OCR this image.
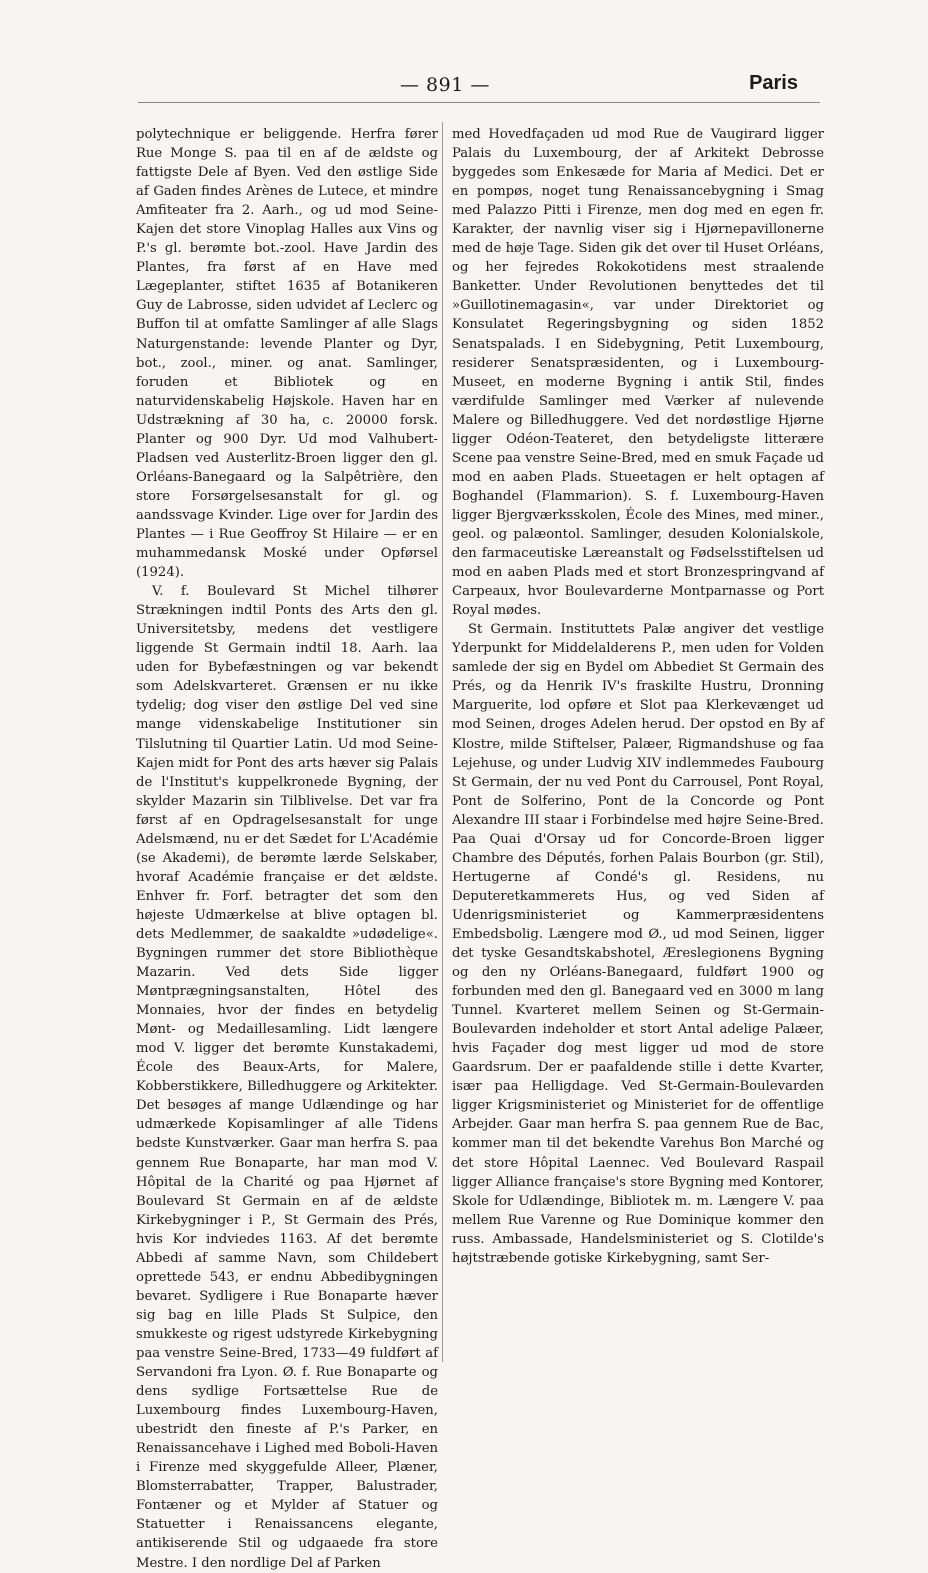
— 891 —	Paris

polytechnique er beliggende. Herfra fører Rue Monge S. paa til en af de ældste og fattigste Dele af Byen. Ved den østlige Side af Gaden findes Arènes de Lutece, et mindre Amfiteater fra 2. Aarh., og ud mod Seine-Kajen det store Vinoplag Halles aux Vins og P.'s gl. berømte bot.-zool. Have Jardin des Plantes, fra først af en Have med Lægeplanter, stiftet 1635 af Botanikeren Guy de Labrosse, siden udvidet af Leclerc og Buffon til at omfatte Samlinger af alle Slags Naturgenstande: levende Planter og Dyr, bot., zool., miner. og anat. Samlinger, foruden et Bibliotek og en naturvidenskabelig Højskole. Haven har en Udstrækning af 30 ha, c. 20000 forsk. Planter og 900 Dyr. Ud mod Valhubert-Pladsen ved Austerlitz-Broen ligger den gl. Orléans-Banegaard og la Salpêtrière, den store Forsørgelsesanstalt for gl. og aandssvage Kvinder. Lige over for Jardin des Plantes — i Rue Geoffroy St Hilaire — er en muhammedansk Moské under Opførsel (1924).

V. f. Boulevard St Michel tilhører Strækningen indtil Ponts des Arts den gl. Universitetsby, medens det vestligere liggende St Germain indtil 18. Aarh. laa uden for Bybefæstningen og var bekendt som Adelskvarteret. Grænsen er nu ikke tydelig; dog viser den østlige Del ved sine mange videnskabelige Institutioner sin Tilslutning til Quartier Latin. Ud mod Seine-Kajen midt for Pont des arts hæver sig Palais de l'Institut's kuppelkronede Bygning, der skylder Mazarin sin Tilblivelse. Det var fra først af en Opdragelsesanstalt for unge Adelsmænd, nu er det Sædet for L'Académie (se Akademi), de berømte lærde Selskaber, hvoraf Académie française er det ældste. Enhver fr. Forf. betragter det som den højeste Udmærkelse at blive optagen bl. dets Medlemmer, de saakaldte »udødelige«. Bygningen rummer det store Bibliothèque Mazarin. Ved dets Side ligger Møntprægningsanstalten, Hôtel des Monnaies, hvor der findes en betydelig Mønt- og Medaillesamling. Lidt længere mod V. ligger det berømte Kunstakademi, École des Beaux-Arts, for Malere, Kobberstikkere, Billedhuggere og Arkitekter. Det besøges af mange Udlændinge og har udmærkede Kopisamlinger af alle Tidens bedste Kunstværker. Gaar man herfra S. paa gennem Rue Bonaparte, har man mod V. Hôpital de la Charité og paa Hjørnet af Boulevard St Germain en af de ældste Kirkebygninger i P., St Germain des Prés, hvis Kor indviedes 1163. Af det berømte Abbedi af samme Navn, som Childebert oprettede 543, er endnu Abbedibygningen bevaret. Sydligere i Rue Bonaparte hæver sig bag en lille Plads St Sulpice, den smukkeste og rigest udstyrede Kirkebygning paa venstre Seine-Bred, 1733—49 fuldført af Servandoni fra Lyon. Ø. f. Rue Bonaparte og dens sydlige Fortsættelse Rue de Luxembourg findes Luxembourg-Haven, ubestridt den fineste af P.'s Parker, en Renaissancehave i Lighed med Boboli-Haven i Firenze med skyggefulde Alleer, Plæner, Blomsterrabatter, Trapper, Balustrader, Fontæner og et Mylder af Statuer og Statuetter i Renaissancens elegante, antikiserende Stil og udgaaede fra store Mestre. I den nordlige Del af Parken

med Hovedfaçaden ud mod Rue de Vaugirard ligger Palais du Luxembourg, der af Arkitekt Debrosse byggedes som Enkesæde for Maria af Medici. Det er en pompøs, noget tung Renaissancebygning i Smag med Palazzo Pitti i Firenze, men dog med en egen fr. Karakter, der navnlig viser sig i Hjørnepavillonerne med de høje Tage. Siden gik det over til Huset Orléans, og her fejredes Rokokotidens mest straalende Banketter. Under Revolutionen benyttedes det til »Guillotinemagasin«, var under Direktoriet og Konsulatet Regeringsbygning og siden 1852 Senatspalads. I en Sidebygning, Petit Luxembourg, residerer Senatspræsidenten, og i Luxembourg-Museet, en moderne Bygning i antik Stil, findes værdifulde Samlinger med Værker af nulevende Malere og Billedhuggere. Ved det nordøstlige Hjørne ligger Odéon-Teateret, den betydeligste litterære Scene paa venstre Seine-Bred, med en smuk Façade ud mod en aaben Plads. Stueetagen er helt optagen af Boghandel (Flammarion). S. f. Luxembourg-Haven ligger Bjergværksskolen, École des Mines, med miner., geol. og palæontol. Samlinger, desuden Kolonialskole, den farmaceutiske Læreanstalt og Fødselsstiftelsen ud mod en aaben Plads med et stort Bronzespringvand af Carpeaux, hvor Boulevarderne Montparnasse og Port Royal mødes.

St Germain. Instituttets Palæ angiver det vestlige Yderpunkt for Middelalderens P., men uden for Volden samlede der sig en Bydel om Abbediet St Germain des Prés, og da Henrik IV's fraskilte Hustru, Dronning Marguerite, lod opføre et Slot paa Klerkevænget ud mod Seinen, droges Adelen herud. Der opstod en By af Klostre, milde Stiftelser, Palæer, Rigmandshuse og faa Lejehuse, og under Ludvig XIV indlemmedes Faubourg St Germain, der nu ved Pont du Carrousel, Pont Royal, Pont de Solferino, Pont de la Concorde og Pont Alexandre III staar i Forbindelse med højre Seine-Bred. Paa Quai d'Orsay ud for Concorde-Broen ligger Chambre des Députés, forhen Palais Bourbon (gr. Stil), Hertugerne af Condé's gl. Residens, nu Deputeretkammerets Hus, og ved Siden af Udenrigsministeriet og Kammerpræsidentens Embedsbolig. Længere mod Ø., ud mod Seinen, ligger det tyske Gesandtskabshotel, Æreslegionens Bygning og den ny Orléans-Banegaard, fuldført 1900 og forbunden med den gl. Banegaard ved en 3000 m lang Tunnel. Kvarteret mellem Seinen og St-Germain-Boulevarden indeholder et stort Antal adelige Palæer, hvis Façader dog mest ligger ud mod de store Gaardsrum. Der er paafaldende stille i dette Kvarter, især paa Helligdage. Ved St-Germain-Boulevarden ligger Krigsministeriet og Ministeriet for de offentlige Arbejder. Gaar man herfra S. paa gennem Rue de Bac, kommer man til det bekendte Varehus Bon Marché og det store Hôpital Laennec. Ved Boulevard Raspail ligger Alliance française's store Bygning med Kontorer, Skole for Udlændinge, Bibliotek m. m. Længere V. paa mellem Rue Varenne og Rue Dominique kommer den russ. Ambassade, Handelsministeriet og S. Clotilde's højtstræbende gotiske Kirkebygning, samt Ser-
